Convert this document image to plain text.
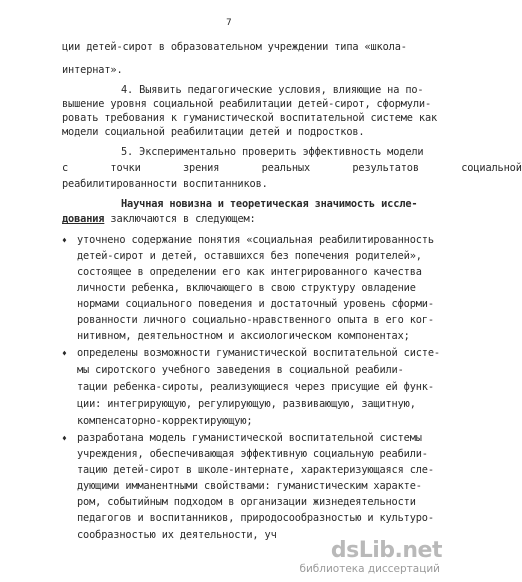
7
ции детей-сирот в образовательном учреждении типа «школа-
интернат».
4. Выявить педагогические условия, влияющие на по-
вышение уровня социальной реабилитации детей-сирот, сформули-
ровать требования к гуманистической воспитательной системе как
модели социальной реабилитации детей и подростков.
5. Экспериментально проверить эффективность модели
с       точки       зрения       реальных       результатов       социальной
реабилитированности воспитанников.
Научная новизна и теоретическая значимость исслe-
дования заключаются в следующем:
♦ уточнено содержание понятия «социальная реабилитированность
детей-сирот и детей, оставшихся без попечения родителей»,
состоящее в определении его как интегрированного качества
личности ребенка, включающего в свою структуру овладение
нормами социального поведения и достаточный уровень сформи-
рованности личного социально-нравственного опыта в его ког-
нитивном, деятельностном и аксиологическом компонентах;
♦ определены возможности гуманистической воспитательной систе-
мы сиротского учебного заведения в социальной реабили-
тации ребенка-сироты, реализующиеся через присущие ей функ-
ции: интегрирующую, регулирующую, развивающую, защитную,
компенсаторно-корректирующую;
♦ разработана модель гуманистической воспитательной системы
учреждения, обеспечивающая эффективную социальную реабили-
тацию детей-сирот в школе-интернате, характеризующаяся сле-
дующими имманентными свойствами: гуманистическим характе-
ром, событийным подходом в организации жизнедеятельности
педагогов и воспитанников, природосообразностью и культуро-
сообразностью их деятельности, уч
dsLib.net
библиотека диссертаций
